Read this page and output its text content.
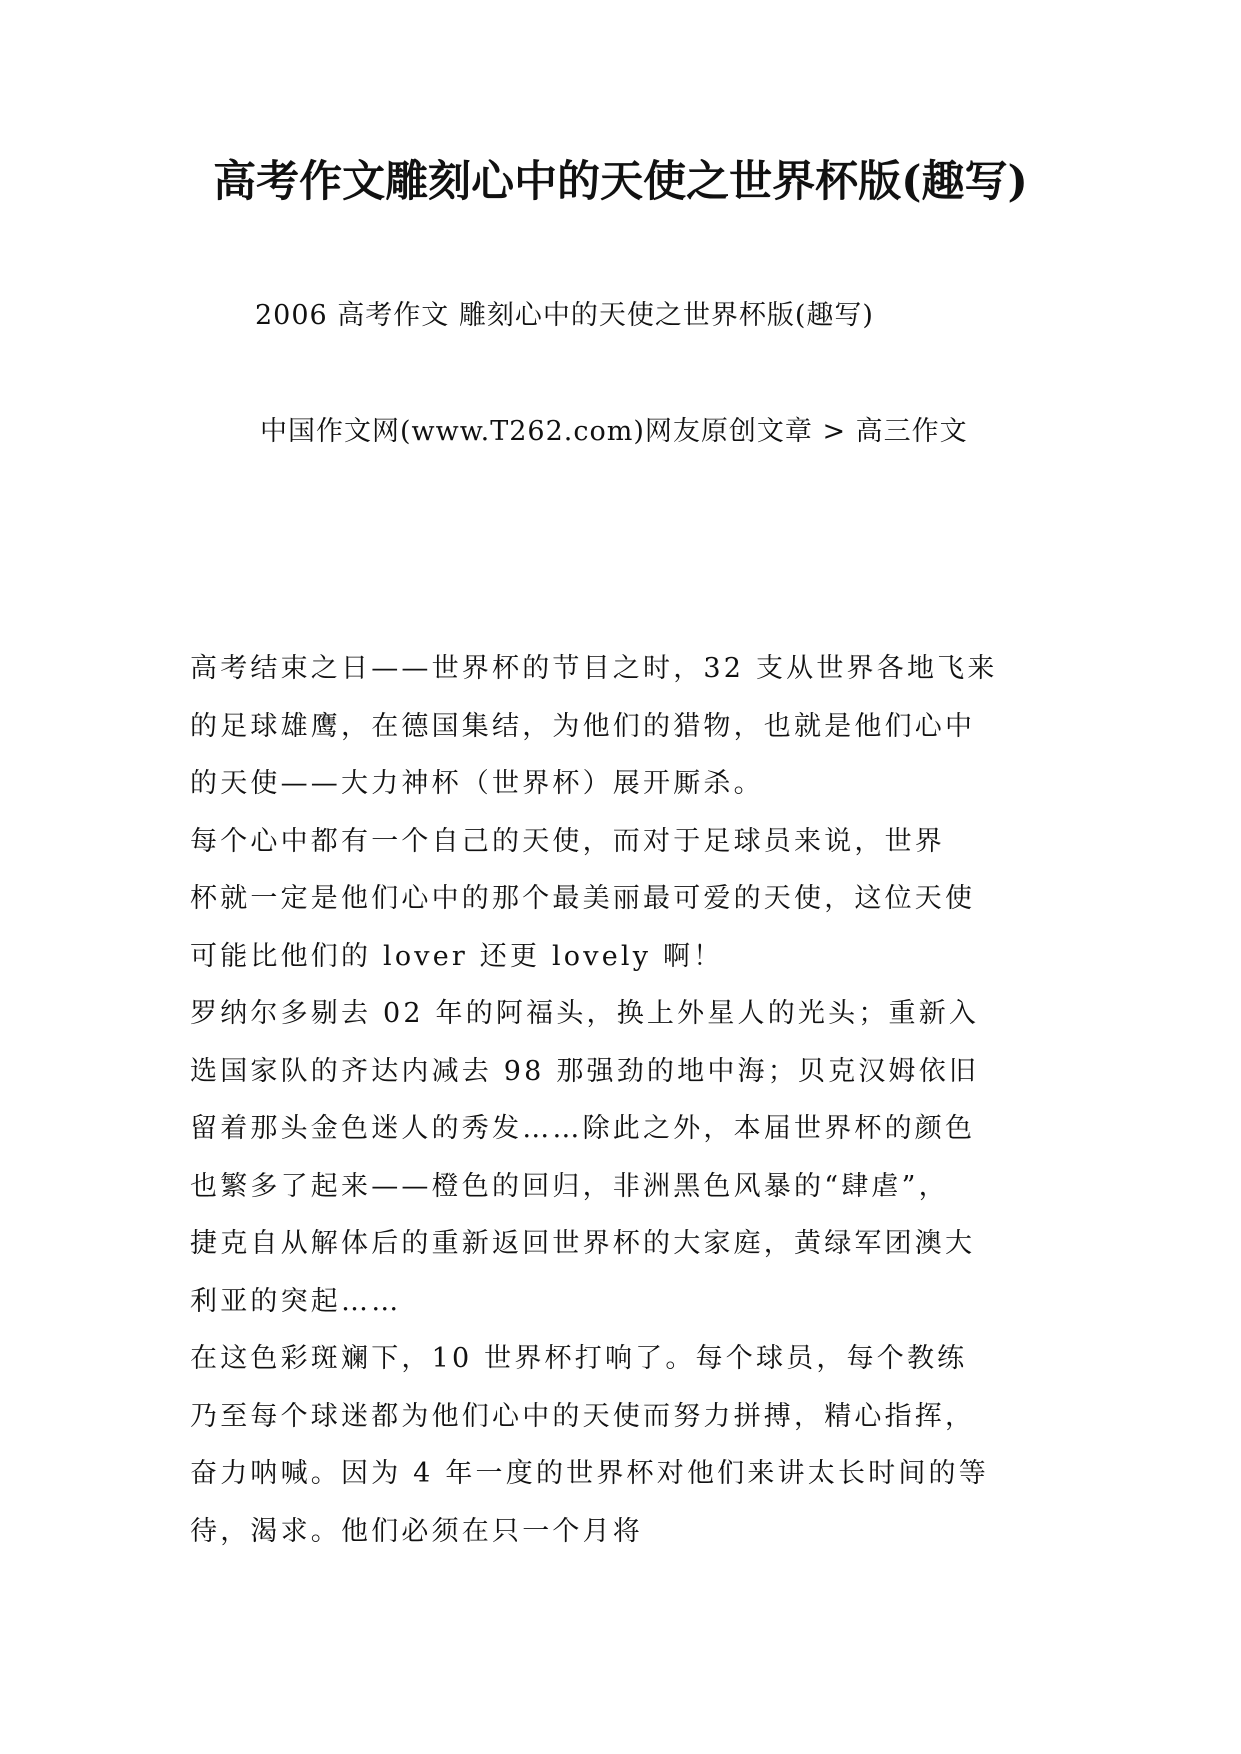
高考作文雕刻心中的天使之世界杯版(趣写)
2006 高考作文 雕刻心中的天使之世界杯版(趣写)
中国作文网(www.T262.com)网友原创文章 > 高三作文
高考结束之日——世界杯的节目之时，32 支从世界各地飞来
的足球雄鹰，在德国集结，为他们的猎物，也就是他们心中
的天使——大力神杯（世界杯）展开厮杀。
每个心中都有一个自己的天使，而对于足球员来说，世界
杯就一定是他们心中的那个最美丽最可爱的天使，这位天使
可能比他们的 lover 还更 lovely 啊！
罗纳尔多剔去 02 年的阿福头，换上外星人的光头；重新入
选国家队的齐达内减去 98 那强劲的地中海；贝克汉姆依旧
留着那头金色迷人的秀发……除此之外，本届世界杯的颜色
也繁多了起来——橙色的回归，非洲黑色风暴的“肆虐”，
捷克自从解体后的重新返回世界杯的大家庭，黄绿军团澳大
利亚的突起……
在这色彩斑斓下，10 世界杯打响了。每个球员，每个教练
乃至每个球迷都为他们心中的天使而努力拼搏，精心指挥，
奋力呐喊。因为 4 年一度的世界杯对他们来讲太长时间的等
待，渴求。他们必须在只一个月将
